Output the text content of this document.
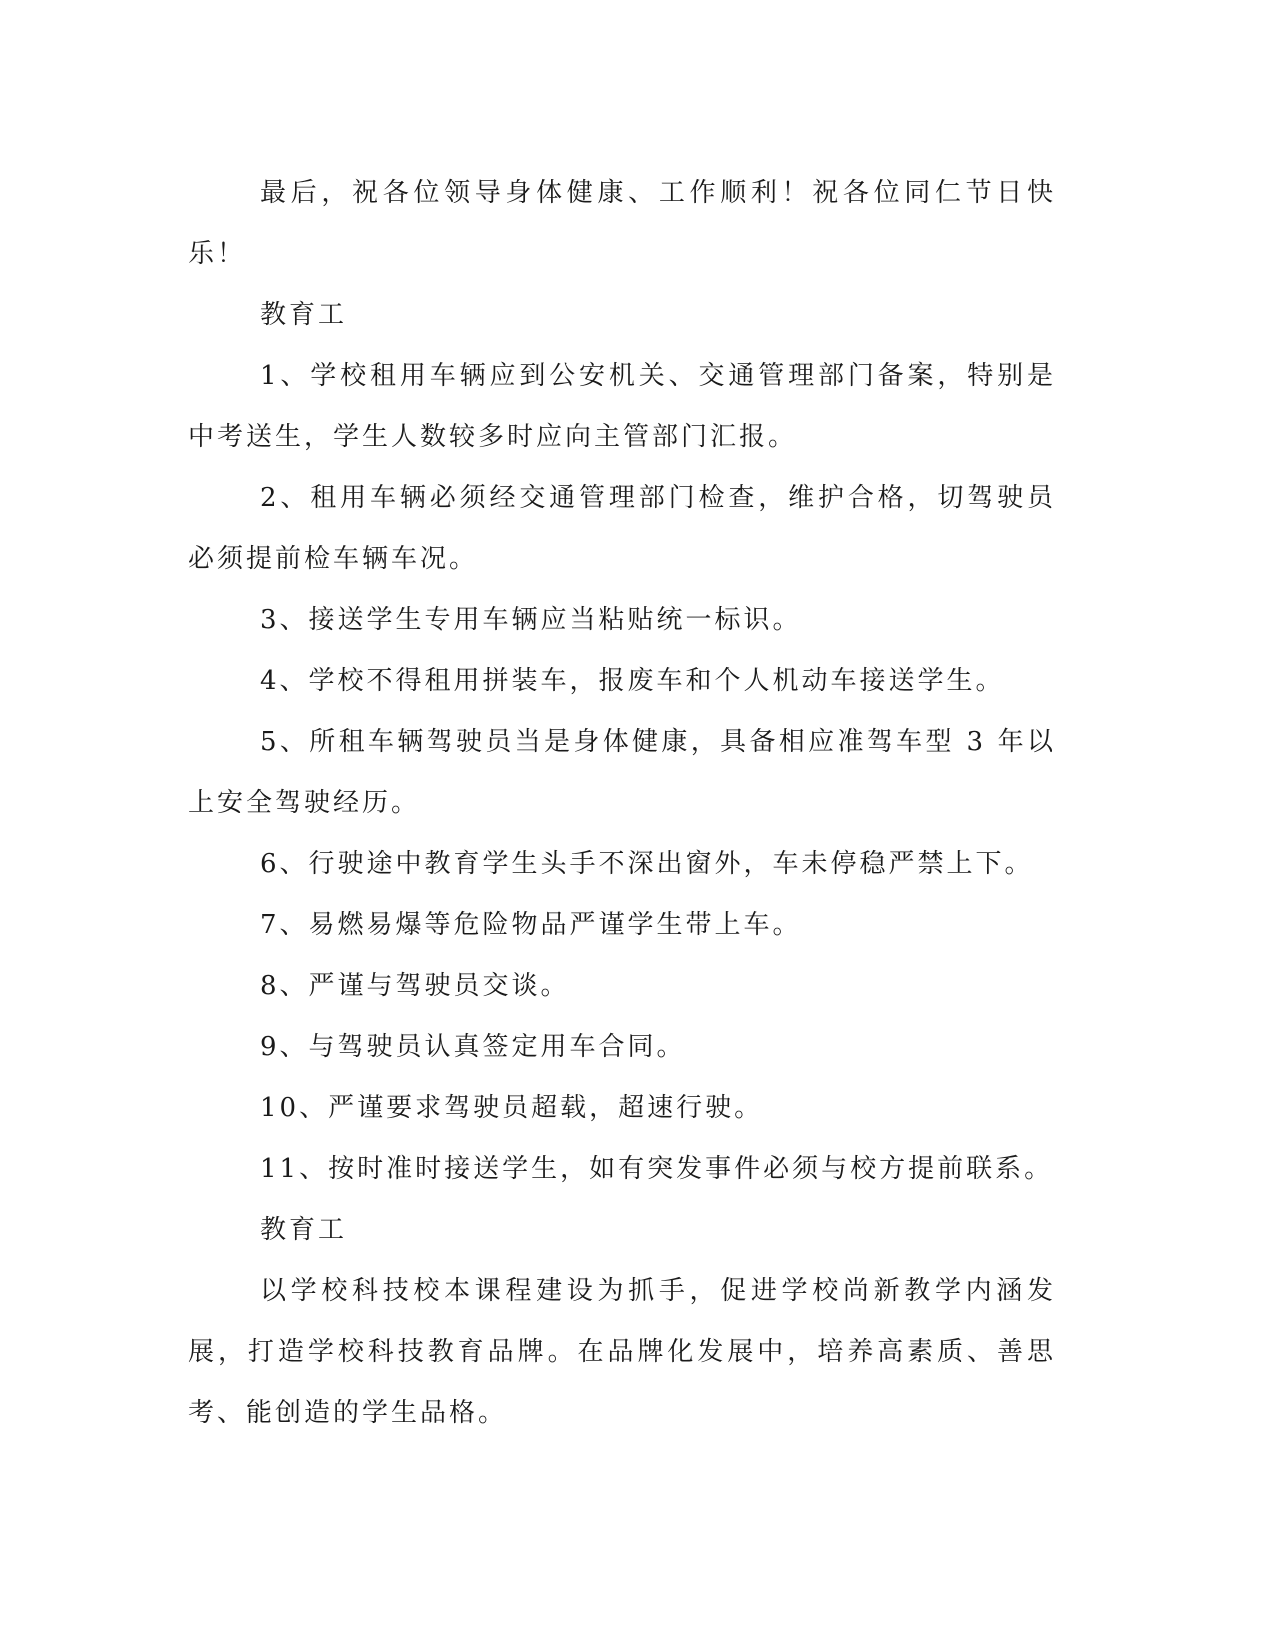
最后，祝各位领导身体健康、工作顺利！祝各位同仁节日快乐！

教育工

1、学校租用车辆应到公安机关、交通管理部门备案，特别是中考送生，学生人数较多时应向主管部门汇报。

2、租用车辆必须经交通管理部门检查，维护合格，切驾驶员必须提前检车辆车况。

3、接送学生专用车辆应当粘贴统一标识。

4、学校不得租用拼装车，报废车和个人机动车接送学生。

5、所租车辆驾驶员当是身体健康，具备相应准驾车型 3 年以上安全驾驶经历。

6、行驶途中教育学生头手不深出窗外，车未停稳严禁上下。

7、易燃易爆等危险物品严谨学生带上车。

8、严谨与驾驶员交谈。

9、与驾驶员认真签定用车合同。

10、严谨要求驾驶员超载，超速行驶。

11、按时准时接送学生，如有突发事件必须与校方提前联系。

教育工

以学校科技校本课程建设为抓手，促进学校尚新教学内涵发展，打造学校科技教育品牌。在品牌化发展中，培养高素质、善思考、能创造的学生品格。
